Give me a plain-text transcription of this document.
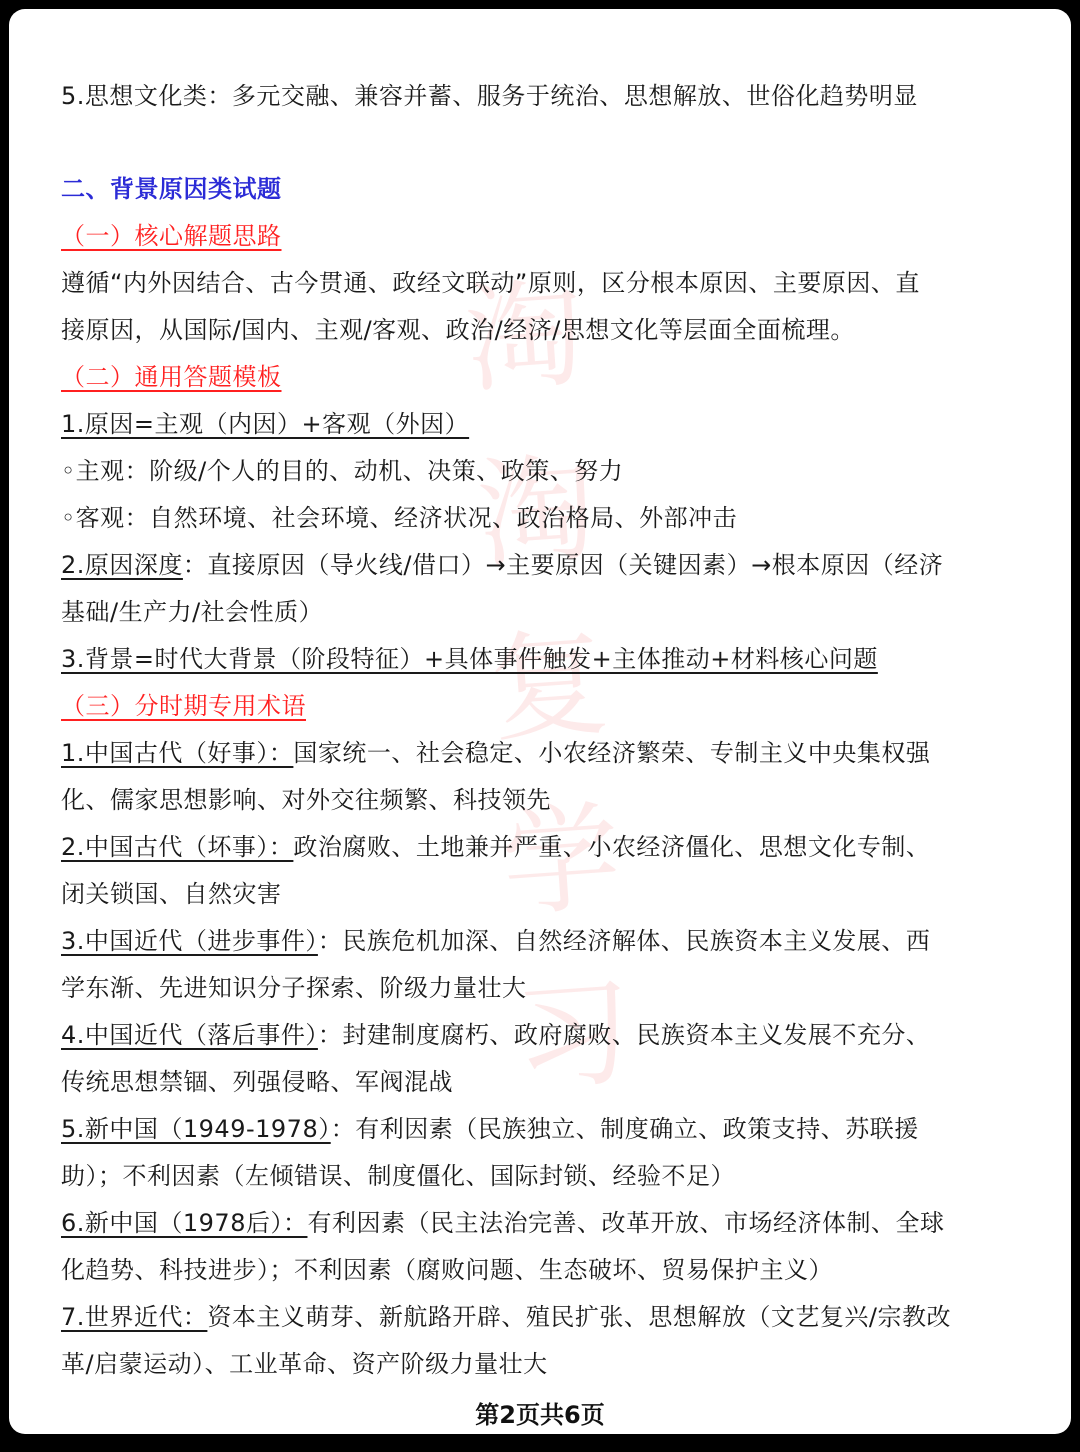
淘
淘
复
学
习
5.思想文化类：多元交融、兼容并蓄、服务于统治、思想解放、世俗化趋势明显
二、背景原因类试题
（一）核心解题思路
遵循“内外因结合、古今贯通、政经文联动”原则，区分根本原因、主要原因、直
接原因，从国际/国内、主观/客观、政治/经济/思想文化等层面全面梳理。
（二）通用答题模板
1.原因=主观（内因）+客观（外因）
◦主观：阶级/个人的目的、动机、决策、政策、努力
◦客观：自然环境、社会环境、经济状况、政治格局、外部冲击
2.原因深度：直接原因（导火线/借口）→主要原因（关键因素）→根本原因（经济
基础/生产力/社会性质）
3.背景=时代大背景（阶段特征）+具体事件触发+主体推动+材料核心问题
（三）分时期专用术语
1.中国古代（好事）：国家统一、社会稳定、小农经济繁荣、专制主义中央集权强
化、儒家思想影响、对外交往频繁、科技领先
2.中国古代（坏事）：政治腐败、土地兼并严重、小农经济僵化、思想文化专制、
闭关锁国、自然灾害
3.中国近代（进步事件）：民族危机加深、自然经济解体、民族资本主义发展、西
学东渐、先进知识分子探索、阶级力量壮大
4.中国近代（落后事件）：封建制度腐朽、政府腐败、民族资本主义发展不充分、
传统思想禁锢、列强侵略、军阀混战
5.新中国（1949-1978）：有利因素（民族独立、制度确立、政策支持、苏联援
助）；不利因素（左倾错误、制度僵化、国际封锁、经验不足）
6.新中国（1978后）：有利因素（民主法治完善、改革开放、市场经济体制、全球
化趋势、科技进步）；不利因素（腐败问题、生态破坏、贸易保护主义）
7.世界近代：资本主义萌芽、新航路开辟、殖民扩张、思想解放（文艺复兴/宗教改
革/启蒙运动）、工业革命、资产阶级力量壮大
第2页共6页
